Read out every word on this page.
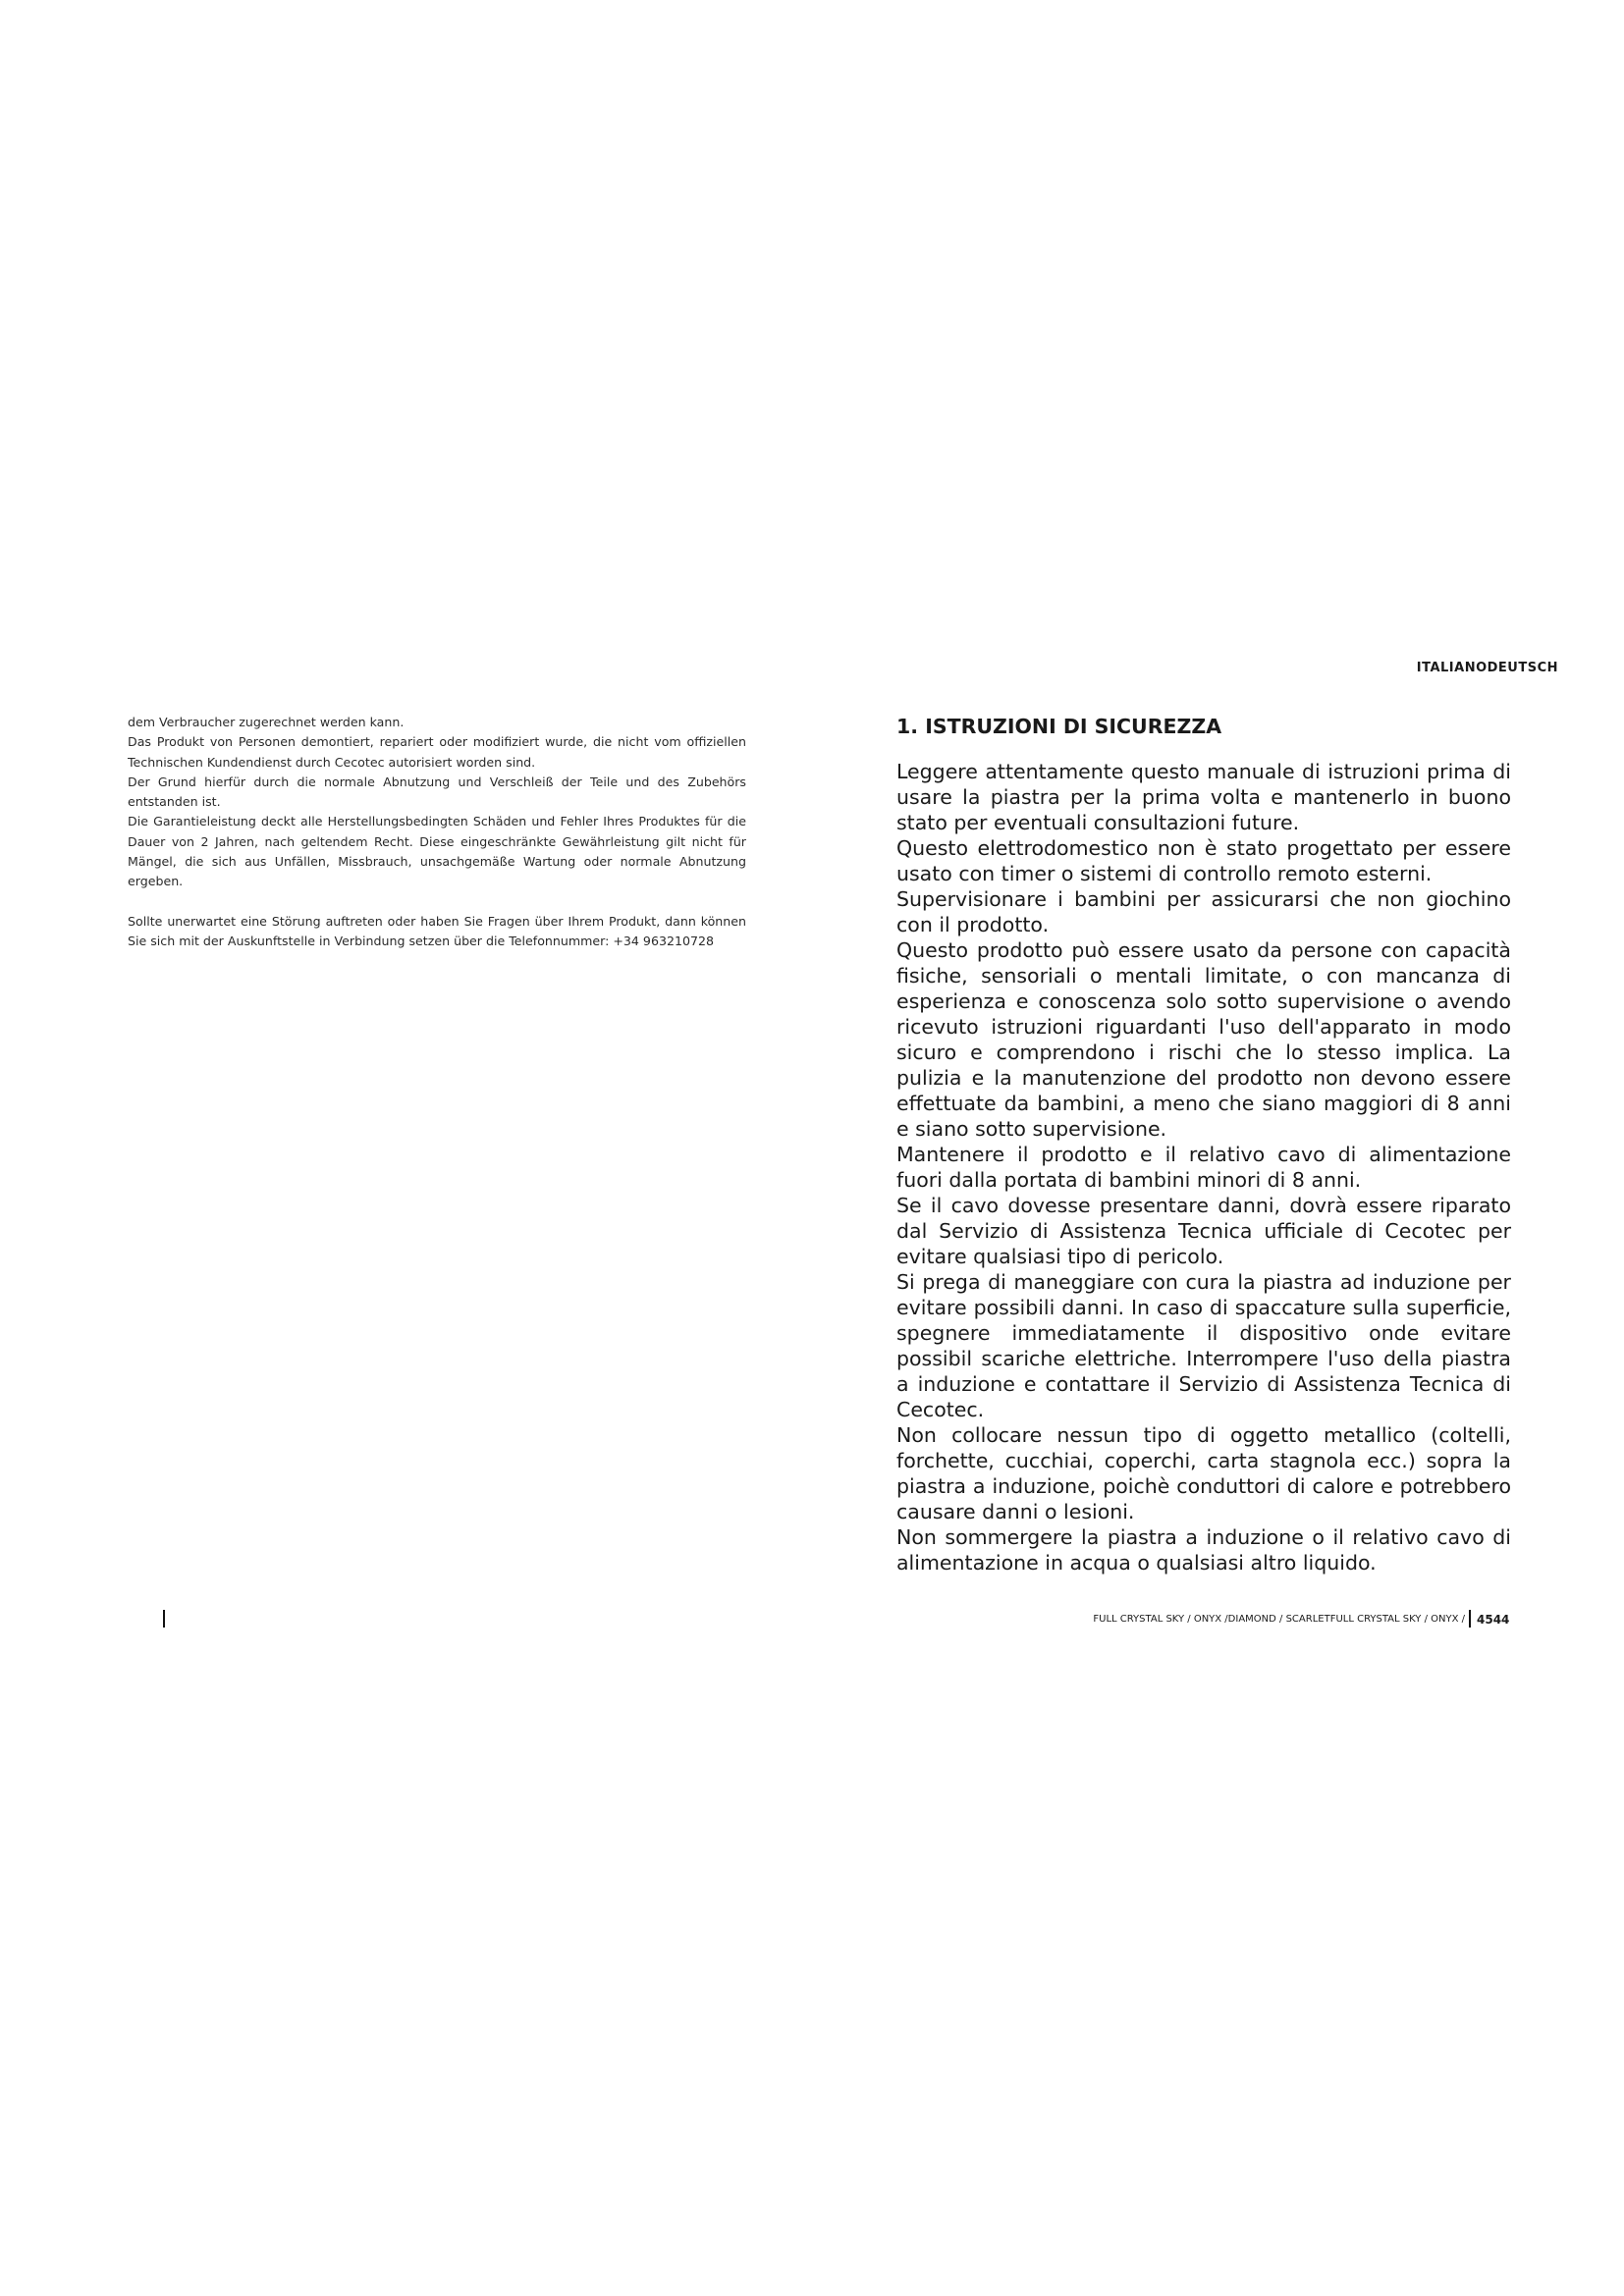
ITALIANODEUTSCH

dem Verbraucher zugerechnet werden kann.

Das Produkt von Personen demontiert, repariert oder modifiziert wurde, die nicht vom offiziellen Technischen Kundendienst durch Cecotec autorisiert worden sind.

Der Grund hierfür durch die normale Abnutzung und Verschleiß der Teile und des Zubehörs entstanden ist.

Die Garantieleistung deckt alle Herstellungsbedingten Schäden und Fehler Ihres Produktes für die Dauer von 2 Jahren, nach geltendem Recht. Diese eingeschränkte Gewährleistung gilt nicht für Mängel, die sich aus Unfällen, Missbrauch, unsachgemäße Wartung oder normale Abnutzung ergeben.

Sollte unerwartet eine Störung auftreten oder haben Sie Fragen über Ihrem Produkt, dann können Sie sich mit der Auskunftstelle in Verbindung setzen über die Telefonnummer: +34 963210728

1. ISTRUZIONI DI SICUREZZA

Leggere attentamente questo manuale di istruzioni prima di usare la piastra per la prima volta e mantenerlo in buono stato per eventuali consultazioni future.

Questo elettrodomestico non è stato progettato per essere usato con timer o sistemi di controllo remoto esterni.

Supervisionare i bambini per assicurarsi che non giochino con il prodotto.

Questo prodotto può essere usato da persone con capacità fisiche, sensoriali o mentali limitate, o con mancanza di esperienza e conoscenza solo sotto supervisione o avendo ricevuto istruzioni riguardanti l'uso dell'apparato in modo sicuro e comprendono i rischi che lo stesso implica. La pulizia e la manutenzione del prodotto non devono essere effettuate da bambini, a meno che siano maggiori di 8 anni e siano sotto supervisione.

Mantenere il prodotto e il relativo cavo di alimentazione fuori dalla portata di bambini minori di 8 anni.

Se il cavo dovesse presentare danni, dovrà essere riparato dal Servizio di Assistenza Tecnica ufficiale di Cecotec per evitare qualsiasi tipo di pericolo.

Si prega di maneggiare con cura la piastra ad induzione per evitare possibili danni. In caso di spaccature sulla superficie, spegnere immediatamente il dispositivo onde evitare possibil scariche elettriche. Interrompere l'uso della piastra a induzione e contattare il Servizio di Assistenza Tecnica di Cecotec.

Non collocare nessun tipo di oggetto metallico (coltelli, forchette, cucchiai, coperchi, carta stagnola ecc.) sopra la piastra a induzione, poichè conduttori di calore e potrebbero causare danni o lesioni.

Non sommergere la piastra a induzione o il relativo cavo di alimentazione in acqua o qualsiasi altro liquido.

FULL CRYSTAL SKY / ONYX /DIAMOND / SCARLETFULL CRYSTAL SKY / ONYX / 4544
